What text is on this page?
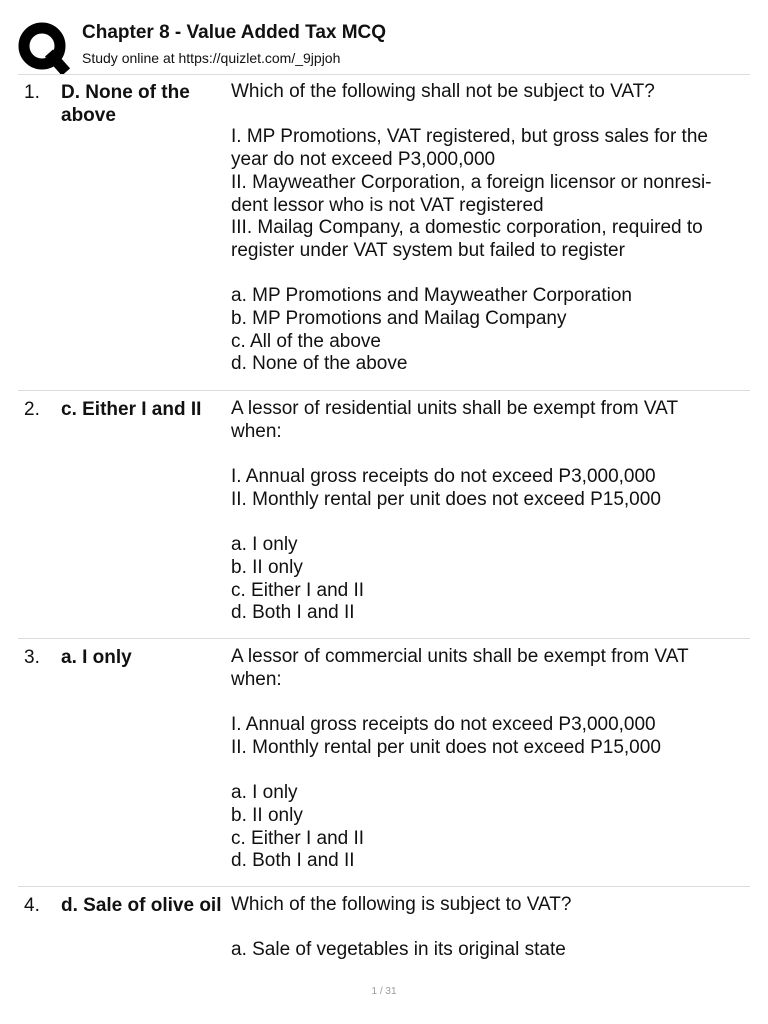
Chapter 8 - Value Added Tax MCQ
Study online at https://quizlet.com/_9jpjoh
1. D. None of the
above
Which of the following shall not be subject to VAT?
I. MP Promotions, VAT registered, but gross sales for the
year do not exceed P3,000,000
II. Mayweather Corporation, a foreign licensor or nonresi-
dent lessor who is not VAT registered
III. Mailag Company, a domestic corporation, required to
register under VAT system but failed to register
a. MP Promotions and Mayweather Corporation
b. MP Promotions and Mailag Company
c. All of the above
d. None of the above
2. c. Either I and II	A lessor of residential units shall be exempt from VAT
when:
I. Annual gross receipts do not exceed P3,000,000
II. Monthly rental per unit does not exceed P15,000
a. I only
b. II only
c. Either I and II
d. Both I and II
3. a. I only	A lessor of commercial units shall be exempt from VAT
when:
I. Annual gross receipts do not exceed P3,000,000
II. Monthly rental per unit does not exceed P15,000
a. I only
b. II only
c. Either I and II
d. Both I and II
4. d. Sale of olive oil Which of the following is subject to VAT?
a. Sale of vegetables in its original state
1 / 31
